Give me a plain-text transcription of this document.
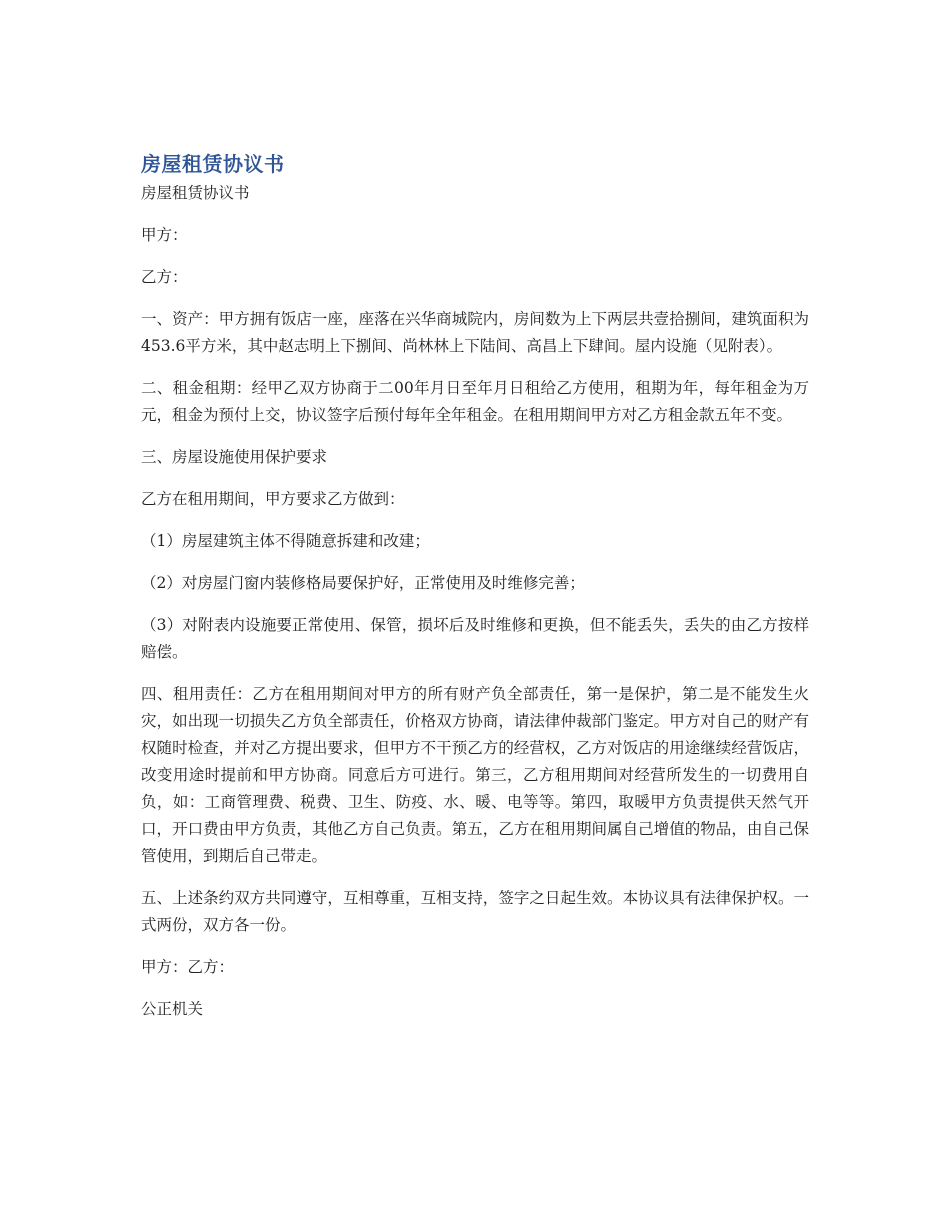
房屋租赁协议书

房屋租赁协议书

甲方：

乙方：

一、资产：甲方拥有饭店一座，座落在兴华商城院内，房间数为上下两层共壹拾捌间，建筑面积为453.6平方米，其中赵志明上下捌间、尚林林上下陆间、高昌上下肆间。屋内设施（见附表）。

二、租金租期：经甲乙双方协商于二00年月日至年月日租给乙方使用，租期为年，每年租金为万元，租金为预付上交，协议签字后预付每年全年租金。在租用期间甲方对乙方租金款五年不变。

三、房屋设施使用保护要求

乙方在租用期间，甲方要求乙方做到：

（1）房屋建筑主体不得随意拆建和改建；

（2）对房屋门窗内装修格局要保护好，正常使用及时维修完善；

（3）对附表内设施要正常使用、保管，损坏后及时维修和更换，但不能丢失，丢失的由乙方按样赔偿。

四、租用责任：乙方在租用期间对甲方的所有财产负全部责任，第一是保护，第二是不能发生火灾，如出现一切损失乙方负全部责任，价格双方协商，请法律仲裁部门鉴定。甲方对自己的财产有权随时检查，并对乙方提出要求，但甲方不干预乙方的经营权，乙方对饭店的用途继续经营饭店，改变用途时提前和甲方协商。同意后方可进行。第三，乙方租用期间对经营所发生的一切费用自负，如：工商管理费、税费、卫生、防疫、水、暖、电等等。第四，取暖甲方负责提供天然气开口，开口费由甲方负责，其他乙方自己负责。第五，乙方在租用期间属自己增值的物品，由自己保管使用，到期后自己带走。

五、上述条约双方共同遵守，互相尊重，互相支持，签字之日起生效。本协议具有法律保护权。一式两份，双方各一份。

甲方：乙方：

公正机关
